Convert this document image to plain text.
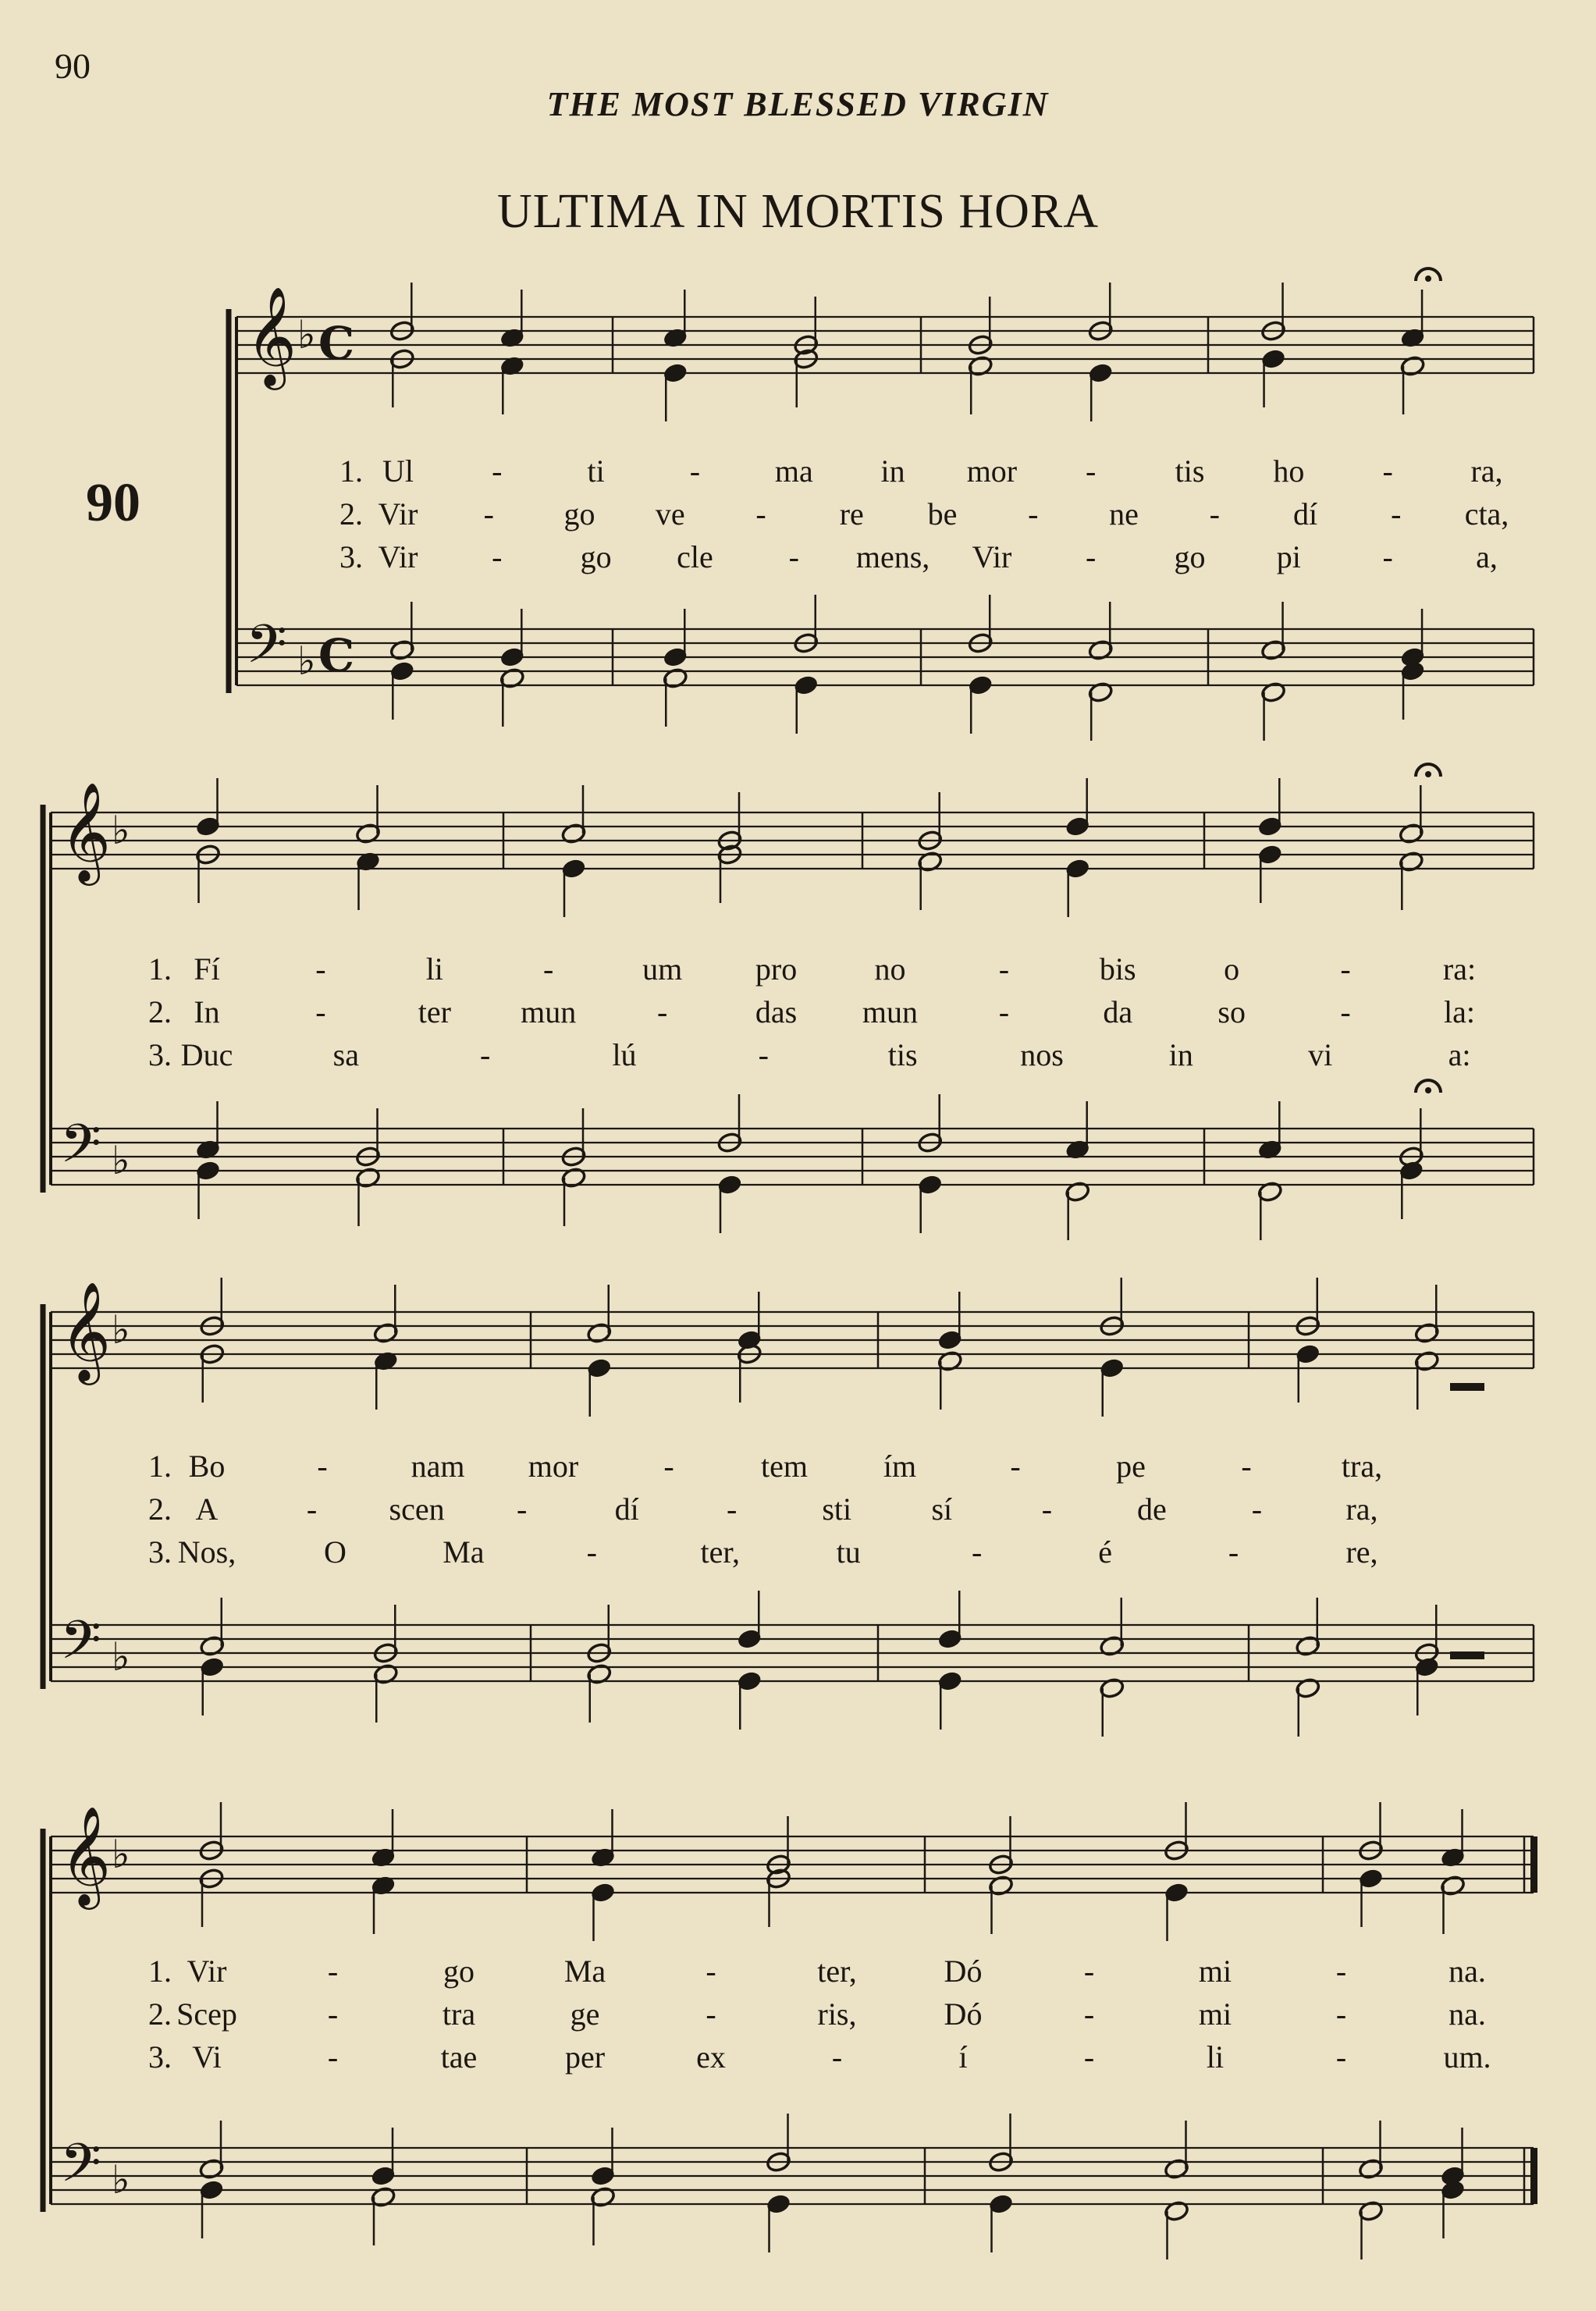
90
THE MOST BLESSED VIRGIN
ULTIMA IN MORTIS HORA
90
𝄞
𝄢
♭
♭
C
C
𝄞
𝄢
♭
♭
𝄞
𝄢
♭
♭
𝄞
𝄢
♭
♭
1. Ul	-	ti	- ma in mor -	tis ho	- ra,
2. Vir - go ve - re be - ne - dí - cta,
3. Vir -	go cle - mens, Vir -	go pi	-	a,
1. Fí	-	li	-	um pro no	-	bis	o	-	ra:
2. In	-	ter mun	-	das mun	-	da	so	-	la:
3. Duc	sa	-	lú	-	tis	nos	in	vi	a:
1. Bo	-	nam mor	-	tem ím	-	pe	-	tra,
2. A	- scen -	dí	-	sti	sí	-	de	-	ra,
3. Nos,	O	Ma	-	ter,	tu	-	é	-	re,
1. Vir	-	go	Ma	-	ter,	Dó	-	mi	-	na.
2. Scep	-	tra	ge	-	ris,	Dó	-	mi	-	na.
3. Vi	-	tae	per	ex	-	í	-	li	-	um.
